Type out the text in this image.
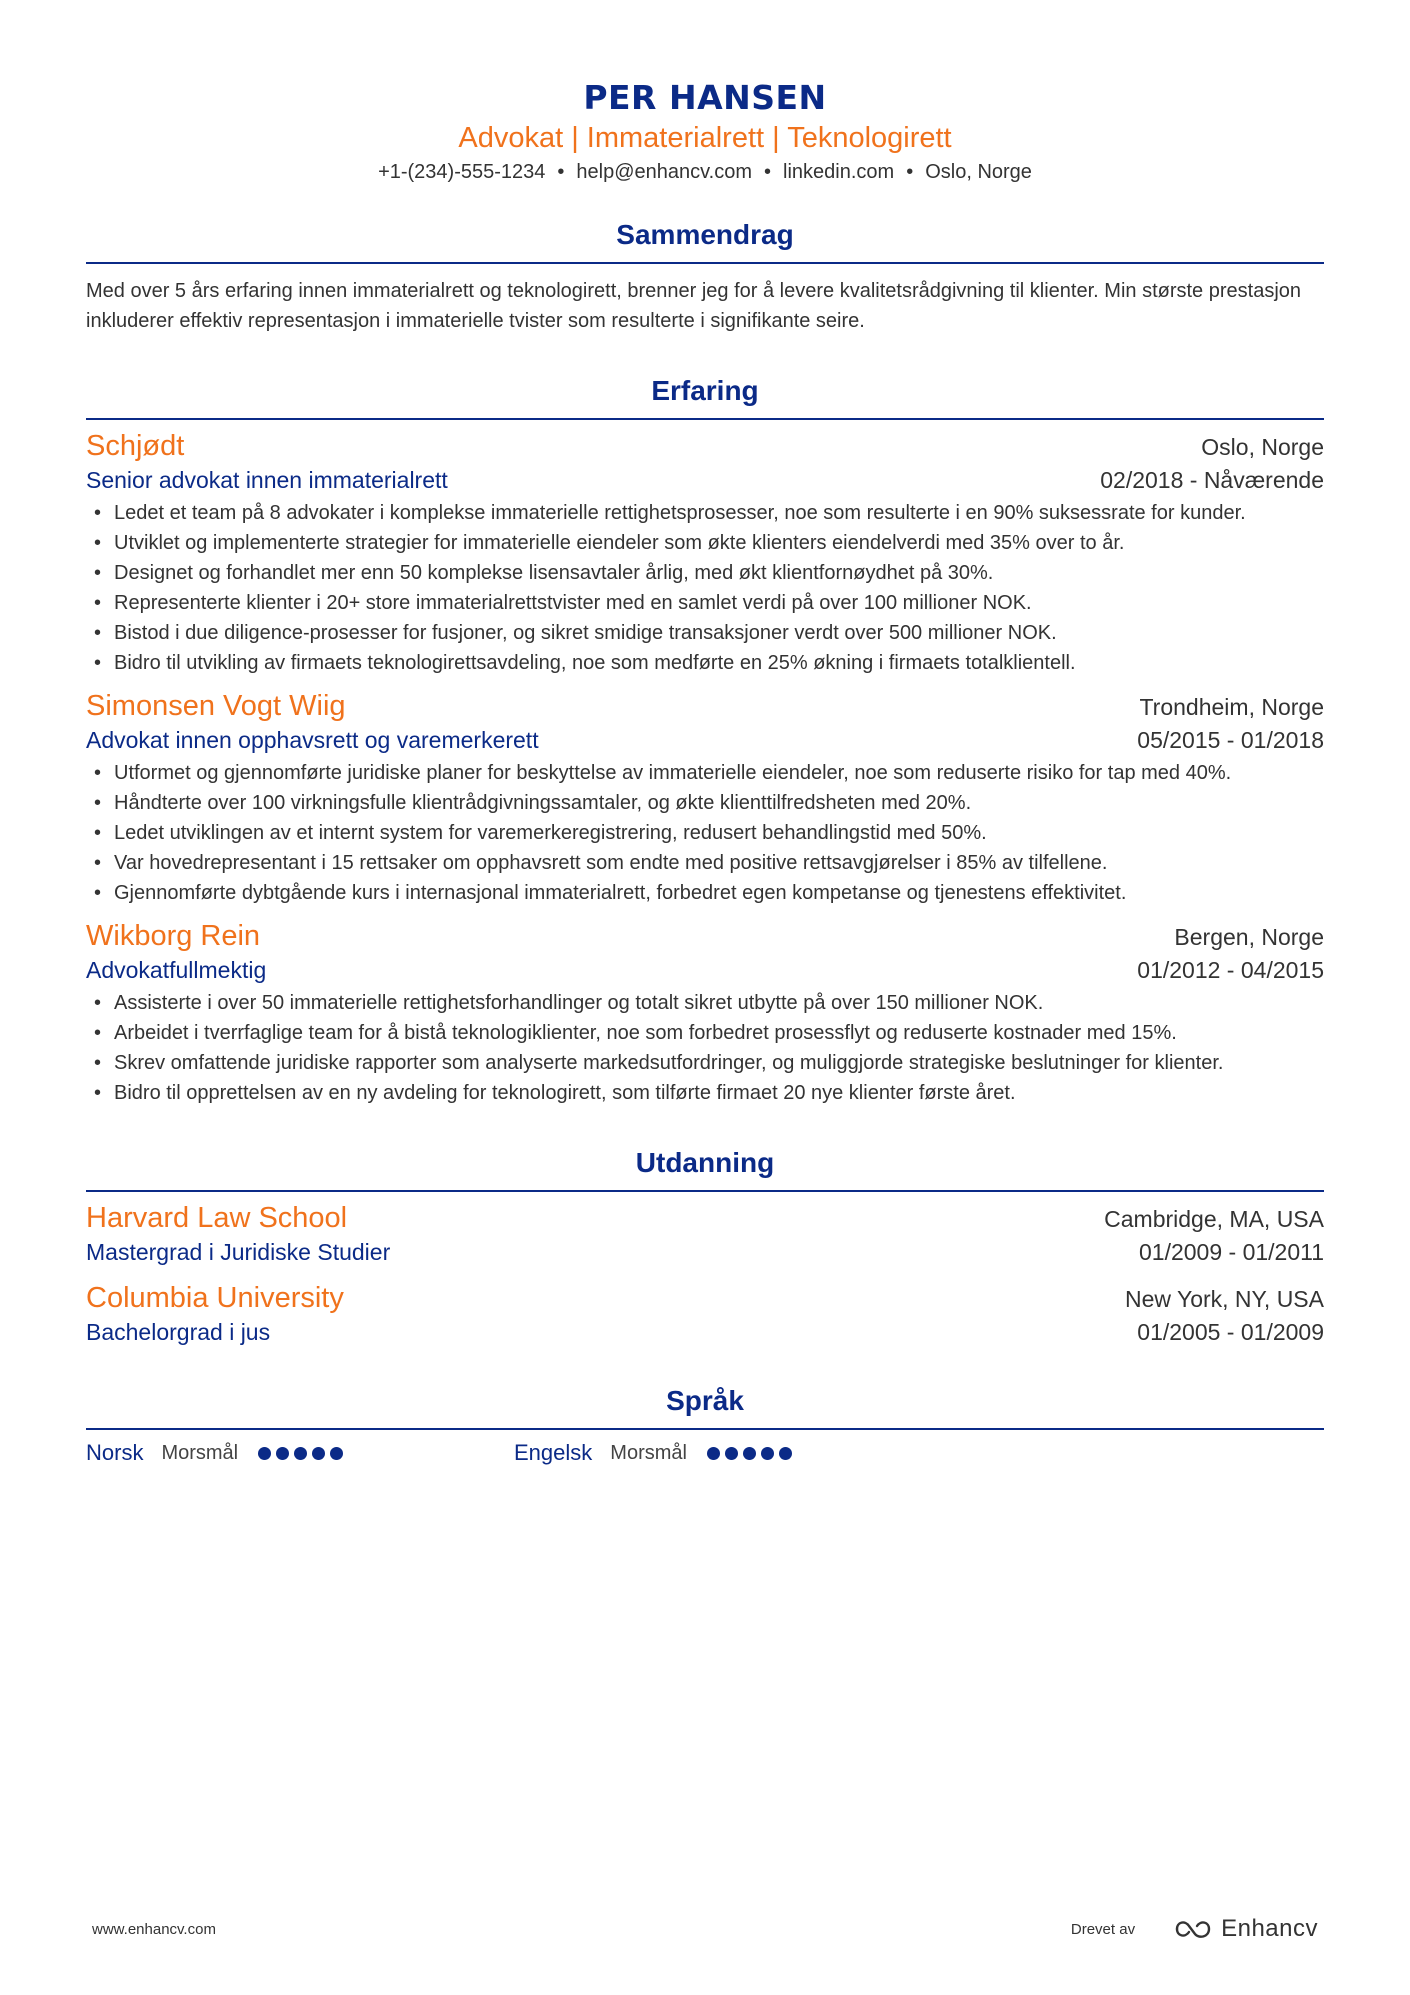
PER HANSEN
Advokat | Immaterialrett | Teknologirett
+1-(234)-555-1234 • help@enhancv.com • linkedin.com • Oslo, Norge
Sammendrag
Med over 5 års erfaring innen immaterialrett og teknologirett, brenner jeg for å levere kvalitetsrådgivning til klienter. Min største prestasjon inkluderer effektiv representasjon i immaterielle tvister som resulterte i signifikante seire.
Erfaring
Schjødt	Oslo, Norge
Senior advokat innen immaterialrett	02/2018 - Nåværende
• Ledet et team på 8 advokater i komplekse immaterielle rettighetsprosesser, noe som resulterte i en 90% suksessrate for kunder.
• Utviklet og implementerte strategier for immaterielle eiendeler som økte klienters eiendelverdi med 35% over to år.
• Designet og forhandlet mer enn 50 komplekse lisensavtaler årlig, med økt klientfornøydhet på 30%.
• Representerte klienter i 20+ store immaterialrettstvister med en samlet verdi på over 100 millioner NOK.
• Bistod i due diligence-prosesser for fusjoner, og sikret smidige transaksjoner verdt over 500 millioner NOK.
• Bidro til utvikling av firmaets teknologirettsavdeling, noe som medførte en 25% økning i firmaets totalklientell.
Simonsen Vogt Wiig	Trondheim, Norge
Advokat innen opphavsrett og varemerkerett	05/2015 - 01/2018
• Utformet og gjennomførte juridiske planer for beskyttelse av immaterielle eiendeler, noe som reduserte risiko for tap med 40%.
• Håndterte over 100 virkningsfulle klientrådgivningssamtaler, og økte klienttilfredsheten med 20%.
• Ledet utviklingen av et internt system for varemerkeregistrering, redusert behandlingstid med 50%.
• Var hovedrepresentant i 15 rettsaker om opphavsrett som endte med positive rettsavgjørelser i 85% av tilfellene.
• Gjennomførte dybtgående kurs i internasjonal immaterialrett, forbedret egen kompetanse og tjenestens effektivitet.
Wikborg Rein	Bergen, Norge
Advokatfullmektig	01/2012 - 04/2015
• Assisterte i over 50 immaterielle rettighetsforhandlinger og totalt sikret utbytte på over 150 millioner NOK.
• Arbeidet i tverrfaglige team for å bistå teknologiklienter, noe som forbedret prosessflyt og reduserte kostnader med 15%.
• Skrev omfattende juridiske rapporter som analyserte markedsutfordringer, og muliggjorde strategiske beslutninger for klienter.
• Bidro til opprettelsen av en ny avdeling for teknologirett, som tilførte firmaet 20 nye klienter første året.
Utdanning
Harvard Law School	Cambridge, MA, USA
Mastergrad i Juridiske Studier	01/2009 - 01/2011
Columbia University	New York, NY, USA
Bachelorgrad i jus	01/2005 - 01/2009
Språk
Norsk Morsmål	Engelsk Morsmål
www.enhancv.com	Drevet av	Enhancv
